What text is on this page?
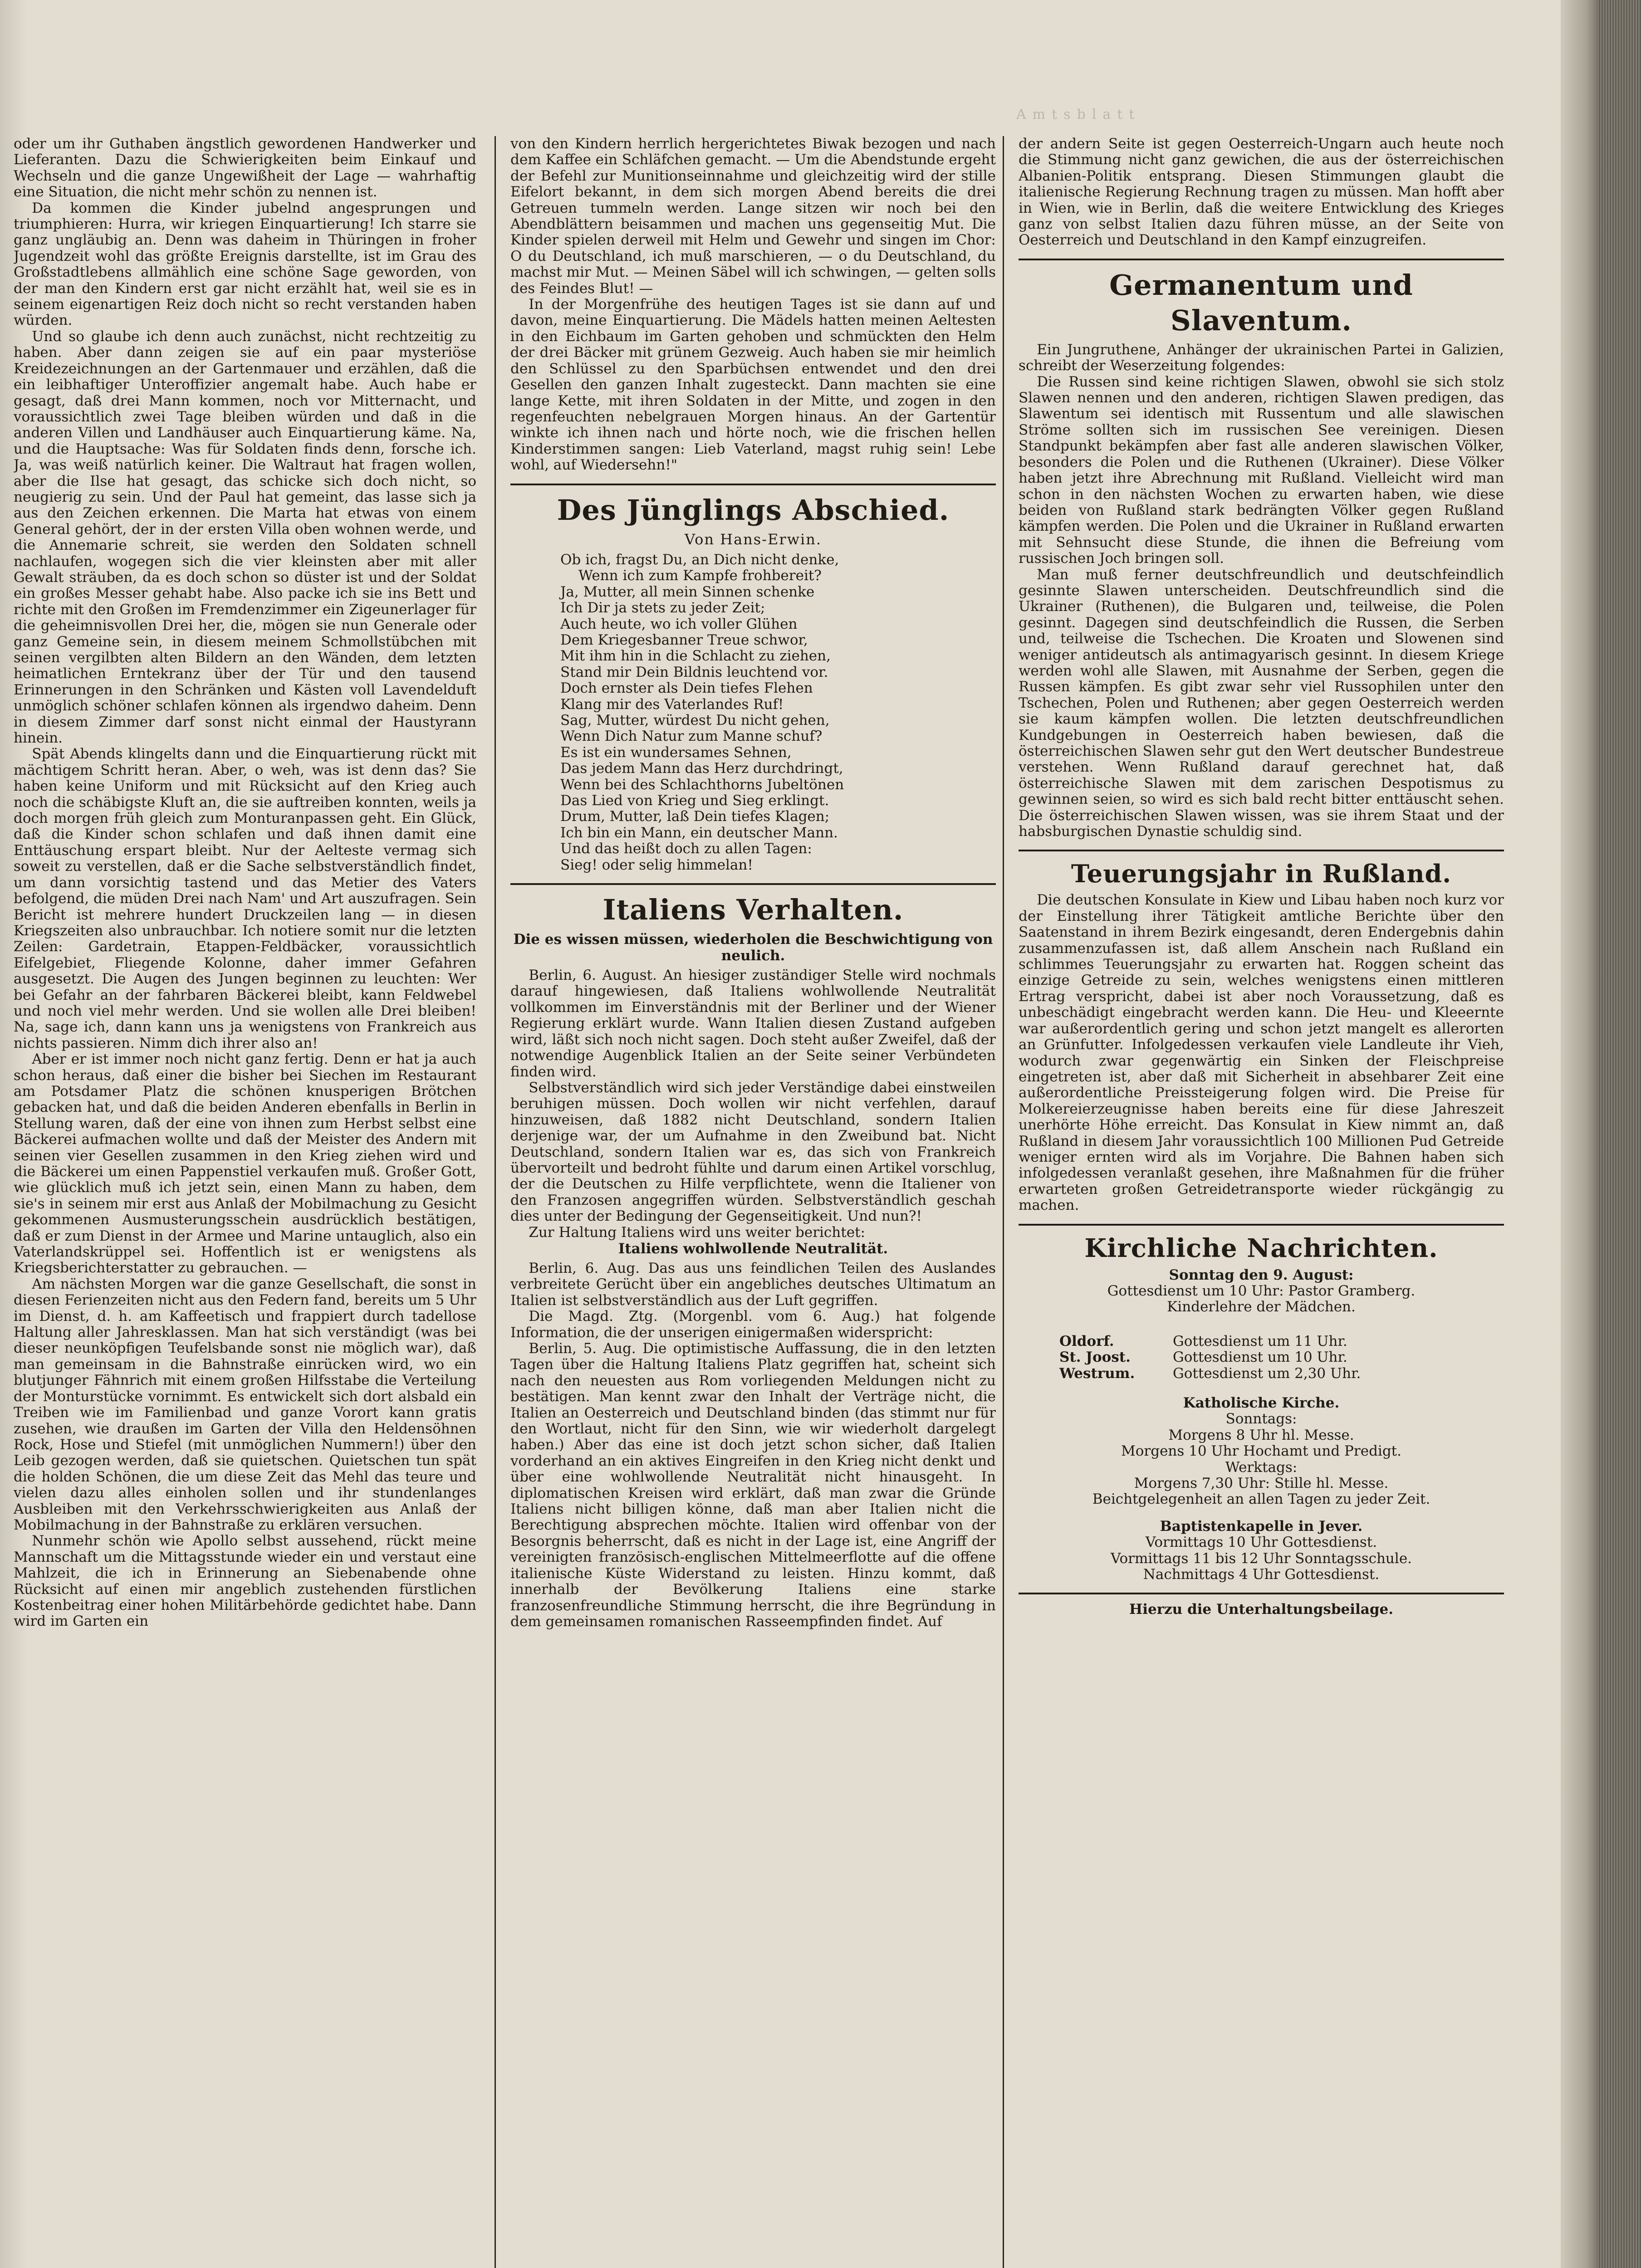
Amtsblatt

oder um ihr Guthaben ängstlich gewordenen Handwerker und Lieferanten. Dazu die Schwierigkeiten beim Einkauf und Wechseln und die ganze Ungewißheit der Lage — wahrhaftig eine Situation, die nicht mehr schön zu nennen ist.

Da kommen die Kinder jubelnd angesprungen und triumphieren: Hurra, wir kriegen Einquartierung! Ich starre sie ganz ungläubig an. Denn was daheim in Thüringen in froher Jugendzeit wohl das größte Ereignis darstellte, ist im Grau des Großstadtlebens allmählich eine schöne Sage geworden, von der man den Kindern erst gar nicht erzählt hat, weil sie es in seinem eigenartigen Reiz doch nicht so recht verstanden haben würden.

Und so glaube ich denn auch zunächst, nicht rechtzeitig zu haben. Aber dann zeigen sie auf ein paar mysteriöse Kreidezeichnungen an der Gartenmauer und erzählen, daß die ein leibhaftiger Unteroffizier angemalt habe. Auch habe er gesagt, daß drei Mann kommen, noch vor Mitternacht, und voraussichtlich zwei Tage bleiben würden und daß in die anderen Villen und Landhäuser auch Einquartierung käme. Na, und die Hauptsache: Was für Soldaten finds denn, forsche ich. Ja, was weiß natürlich keiner. Die Waltraut hat fragen wollen, aber die Ilse hat gesagt, das schicke sich doch nicht, so neugierig zu sein. Und der Paul hat gemeint, das lasse sich ja aus den Zeichen erkennen. Die Marta hat etwas von einem General gehört, der in der ersten Villa oben wohnen werde, und die Annemarie schreit, sie werden den Soldaten schnell nachlaufen, wogegen sich die vier kleinsten aber mit aller Gewalt sträuben, da es doch schon so düster ist und der Soldat ein großes Messer gehabt habe. Also packe ich sie ins Bett und richte mit den Großen im Fremdenzimmer ein Zigeunerlager für die geheimnisvollen Drei her, die, mögen sie nun Generale oder ganz Gemeine sein, in diesem meinem Schmollstübchen mit seinen vergilbten alten Bildern an den Wänden, dem letzten heimatlichen Erntekranz über der Tür und den tausend Erinnerungen in den Schränken und Kästen voll Lavendelduft unmöglich schöner schlafen können als irgendwo daheim. Denn in diesem Zimmer darf sonst nicht einmal der Haustyrann hinein.

Spät Abends klingelts dann und die Einquartierung rückt mit mächtigem Schritt heran. Aber, o weh, was ist denn das? Sie haben keine Uniform und mit Rücksicht auf den Krieg auch noch die schäbigste Kluft an, die sie auftreiben konnten, weils ja doch morgen früh gleich zum Monturanpassen geht. Ein Glück, daß die Kinder schon schlafen und daß ihnen damit eine Enttäuschung erspart bleibt. Nur der Aelteste vermag sich soweit zu verstellen, daß er die Sache selbstverständlich findet, um dann vorsichtig tastend und das Metier des Vaters befolgend, die müden Drei nach Nam' und Art auszufragen. Sein Bericht ist mehrere hundert Druckzeilen lang — in diesen Kriegszeiten also unbrauchbar. Ich notiere somit nur die letzten Zeilen: Gardetrain, Etappen-Feldbäcker, voraussichtlich Eifelgebiet, Fliegende Kolonne, daher immer Gefahren ausgesetzt. Die Augen des Jungen beginnen zu leuchten: Wer bei Gefahr an der fahrbaren Bäckerei bleibt, kann Feldwebel und noch viel mehr werden. Und sie wollen alle Drei bleiben! Na, sage ich, dann kann uns ja wenigstens von Frankreich aus nichts passieren. Nimm dich ihrer also an!

Aber er ist immer noch nicht ganz fertig. Denn er hat ja auch schon heraus, daß einer die bisher bei Siechen im Restaurant am Potsdamer Platz die schönen knusperigen Brötchen gebacken hat, und daß die beiden Anderen ebenfalls in Berlin in Stellung waren, daß der eine von ihnen zum Herbst selbst eine Bäckerei aufmachen wollte und daß der Meister des Andern mit seinen vier Gesellen zusammen in den Krieg ziehen wird und die Bäckerei um einen Pappenstiel verkaufen muß. Großer Gott, wie glücklich muß ich jetzt sein, einen Mann zu haben, dem sie's in seinem mir erst aus Anlaß der Mobilmachung zu Gesicht gekommenen Ausmusterungsschein ausdrücklich bestätigen, daß er zum Dienst in der Armee und Marine untauglich, also ein Vaterlandskrüppel sei. Hoffentlich ist er wenigstens als Kriegsberichterstatter zu gebrauchen. —

Am nächsten Morgen war die ganze Gesellschaft, die sonst in diesen Ferienzeiten nicht aus den Federn fand, bereits um 5 Uhr im Dienst, d. h. am Kaffeetisch und frappiert durch tadellose Haltung aller Jahresklassen. Man hat sich verständigt (was bei dieser neunköpfigen Teufelsbande sonst nie möglich war), daß man gemeinsam in die Bahnstraße einrücken wird, wo ein blutjunger Fähnrich mit einem großen Hilfsstabe die Verteilung der Monturstücke vornimmt. Es entwickelt sich dort alsbald ein Treiben wie im Familienbad und ganze Vorort kann gratis zusehen, wie draußen im Garten der Villa den Heldensöhnen Rock, Hose und Stiefel (mit unmöglichen Nummern!) über den Leib gezogen werden, daß sie quietschen. Quietschen tun spät die holden Schönen, die um diese Zeit das Mehl das teure und vielen dazu alles einholen sollen und ihr stundenlanges Ausbleiben mit den Verkehrsschwierigkeiten aus Anlaß der Mobilmachung in der Bahnstraße zu erklären versuchen.

Nunmehr schön wie Apollo selbst aussehend, rückt meine Mannschaft um die Mittagsstunde wieder ein und verstaut eine Mahlzeit, die ich in Erinnerung an Siebenabende ohne Rücksicht auf einen mir angeblich zustehenden fürstlichen Kostenbeitrag einer hohen Militärbehörde gedichtet habe. Dann wird im Garten ein

von den Kindern herrlich hergerichtetes Biwak bezogen und nach dem Kaffee ein Schläfchen gemacht. — Um die Abendstunde ergeht der Befehl zur Munitionseinnahme und gleichzeitig wird der stille Eifelort bekannt, in dem sich morgen Abend bereits die drei Getreuen tummeln werden. Lange sitzen wir noch bei den Abendblättern beisammen und machen uns gegenseitig Mut. Die Kinder spielen derweil mit Helm und Gewehr und singen im Chor: O du Deutschland, ich muß marschieren, — o du Deutschland, du machst mir Mut. — Meinen Säbel will ich schwingen, — gelten solls des Feindes Blut! —

In der Morgenfrühe des heutigen Tages ist sie dann auf und davon, meine Einquartierung. Die Mädels hatten meinen Aeltesten in den Eichbaum im Garten gehoben und schmückten den Helm der drei Bäcker mit grünem Gezweig. Auch haben sie mir heimlich den Schlüssel zu den Sparbüchsen entwendet und den drei Gesellen den ganzen Inhalt zugesteckt. Dann machten sie eine lange Kette, mit ihren Soldaten in der Mitte, und zogen in den regenfeuchten nebelgrauen Morgen hinaus. An der Gartentür winkte ich ihnen nach und hörte noch, wie die frischen hellen Kinderstimmen sangen: Lieb Vaterland, magst ruhig sein! Lebe wohl, auf Wiedersehn!"

Des Jünglings Abschied.
Von Hans-Erwin.
Ob ich, fragst Du, an Dich nicht denke,
Wenn ich zum Kampfe frohbereit?
Ja, Mutter, all mein Sinnen schenke
Ich Dir ja stets zu jeder Zeit;
Auch heute, wo ich voller Glühen
Dem Kriegesbanner Treue schwor,
Mit ihm hin in die Schlacht zu ziehen,
Stand mir Dein Bildnis leuchtend vor.
Doch ernster als Dein tiefes Flehen
Klang mir des Vaterlandes Ruf!
Sag, Mutter, würdest Du nicht gehen,
Wenn Dich Natur zum Manne schuf?
Es ist ein wundersames Sehnen,
Das jedem Mann das Herz durchdringt,
Wenn bei des Schlachthorns Jubeltönen
Das Lied von Krieg und Sieg erklingt.
Drum, Mutter, laß Dein tiefes Klagen;
Ich bin ein Mann, ein deutscher Mann.
Und das heißt doch zu allen Tagen:
Sieg! oder selig himmelan!
Italiens Verhalten.
Die es wissen müssen, wiederholen die Beschwichtigung von neulich.

Berlin, 6. August. An hiesiger zuständiger Stelle wird nochmals darauf hingewiesen, daß Italiens wohlwollende Neutralität vollkommen im Einverständnis mit der Berliner und der Wiener Regierung erklärt wurde. Wann Italien diesen Zustand aufgeben wird, läßt sich noch nicht sagen. Doch steht außer Zweifel, daß der notwendige Augenblick Italien an der Seite seiner Verbündeten finden wird.

Selbstverständlich wird sich jeder Verständige dabei einstweilen beruhigen müssen. Doch wollen wir nicht verfehlen, darauf hinzuweisen, daß 1882 nicht Deutschland, sondern Italien derjenige war, der um Aufnahme in den Zweibund bat. Nicht Deutschland, sondern Italien war es, das sich von Frankreich übervorteilt und bedroht fühlte und darum einen Artikel vorschlug, der die Deutschen zu Hilfe verpflichtete, wenn die Italiener von den Franzosen angegriffen würden. Selbstverständlich geschah dies unter der Bedingung der Gegenseitigkeit. Und nun?!

Zur Haltung Italiens wird uns weiter berichtet:

Italiens wohlwollende Neutralität.

Berlin, 6. Aug. Das aus uns feindlichen Teilen des Auslandes verbreitete Gerücht über ein angebliches deutsches Ultimatum an Italien ist selbstverständlich aus der Luft gegriffen.

Die Magd. Ztg. (Morgenbl. vom 6. Aug.) hat folgende Information, die der unserigen einigermaßen widerspricht:

Berlin, 5. Aug. Die optimistische Auffassung, die in den letzten Tagen über die Haltung Italiens Platz gegriffen hat, scheint sich nach den neuesten aus Rom vorliegenden Meldungen nicht zu bestätigen. Man kennt zwar den Inhalt der Verträge nicht, die Italien an Oesterreich und Deutschland binden (das stimmt nur für den Wortlaut, nicht für den Sinn, wie wir wiederholt dargelegt haben.) Aber das eine ist doch jetzt schon sicher, daß Italien vorderhand an ein aktives Eingreifen in den Krieg nicht denkt und über eine wohlwollende Neutralität nicht hinausgeht. In diplomatischen Kreisen wird erklärt, daß man zwar die Gründe Italiens nicht billigen könne, daß man aber Italien nicht die Berechtigung absprechen möchte. Italien wird offenbar von der Besorgnis beherrscht, daß es nicht in der Lage ist, eine Angriff der vereinigten französisch-englischen Mittelmeerflotte auf die offene italienische Küste Widerstand zu leisten. Hinzu kommt, daß innerhalb der Bevölkerung Italiens eine starke franzosenfreundliche Stimmung herrscht, die ihre Begründung in dem gemeinsamen romanischen Rasseempfinden findet. Auf

der andern Seite ist gegen Oesterreich-Ungarn auch heute noch die Stimmung nicht ganz gewichen, die aus der österreichischen Albanien-Politik entsprang. Diesen Stimmungen glaubt die italienische Regierung Rechnung tragen zu müssen. Man hofft aber in Wien, wie in Berlin, daß die weitere Entwicklung des Krieges ganz von selbst Italien dazu führen müsse, an der Seite von Oesterreich und Deutschland in den Kampf einzugreifen.

Germanentum und Slaventum.

Ein Jungruthene, Anhänger der ukrainischen Partei in Galizien, schreibt der Weserzeitung folgendes:

Die Russen sind keine richtigen Slawen, obwohl sie sich stolz Slawen nennen und den anderen, richtigen Slawen predigen, das Slawentum sei identisch mit Russentum und alle slawischen Ströme sollten sich im russischen See vereinigen. Diesen Standpunkt bekämpfen aber fast alle anderen slawischen Völker, besonders die Polen und die Ruthenen (Ukrainer). Diese Völker haben jetzt ihre Abrechnung mit Rußland. Vielleicht wird man schon in den nächsten Wochen zu erwarten haben, wie diese beiden von Rußland stark bedrängten Völker gegen Rußland kämpfen werden. Die Polen und die Ukrainer in Rußland erwarten mit Sehnsucht diese Stunde, die ihnen die Befreiung vom russischen Joch bringen soll.

Man muß ferner deutschfreundlich und deutschfeindlich gesinnte Slawen unterscheiden. Deutschfreundlich sind die Ukrainer (Ruthenen), die Bulgaren und, teilweise, die Polen gesinnt. Dagegen sind deutschfeindlich die Russen, die Serben und, teilweise die Tschechen. Die Kroaten und Slowenen sind weniger antideutsch als antimagyarisch gesinnt. In diesem Kriege werden wohl alle Slawen, mit Ausnahme der Serben, gegen die Russen kämpfen. Es gibt zwar sehr viel Russophilen unter den Tschechen, Polen und Ruthenen; aber gegen Oesterreich werden sie kaum kämpfen wollen. Die letzten deutschfreundlichen Kundgebungen in Oesterreich haben bewiesen, daß die österreichischen Slawen sehr gut den Wert deutscher Bundestreue verstehen. Wenn Rußland darauf gerechnet hat, daß österreichische Slawen mit dem zarischen Despotismus zu gewinnen seien, so wird es sich bald recht bitter enttäuscht sehen. Die österreichischen Slawen wissen, was sie ihrem Staat und der habsburgischen Dynastie schuldig sind.

Teuerungsjahr in Rußland.

Die deutschen Konsulate in Kiew und Libau haben noch kurz vor der Einstellung ihrer Tätigkeit amtliche Berichte über den Saatenstand in ihrem Bezirk eingesandt, deren Endergebnis dahin zusammenzufassen ist, daß allem Anschein nach Rußland ein schlimmes Teuerungsjahr zu erwarten hat. Roggen scheint das einzige Getreide zu sein, welches wenigstens einen mittleren Ertrag verspricht, dabei ist aber noch Voraussetzung, daß es unbeschädigt eingebracht werden kann. Die Heu- und Kleeernte war außerordentlich gering und schon jetzt mangelt es allerorten an Grünfutter. Infolgedessen verkaufen viele Landleute ihr Vieh, wodurch zwar gegenwärtig ein Sinken der Fleischpreise eingetreten ist, aber daß mit Sicherheit in absehbarer Zeit eine außerordentliche Preissteigerung folgen wird. Die Preise für Molkereierzeugnisse haben bereits eine für diese Jahreszeit unerhörte Höhe erreicht. Das Konsulat in Kiew nimmt an, daß Rußland in diesem Jahr voraussichtlich 100 Millionen Pud Getreide weniger ernten wird als im Vorjahre. Die Bahnen haben sich infolgedessen veranlaßt gesehen, ihre Maßnahmen für die früher erwarteten großen Getreidetransporte wieder rückgängig zu machen.

Kirchliche Nachrichten.
Sonntag den 9. August:
Gottesdienst um 10 Uhr: Pastor Gramberg.
Kinderlehre der Mädchen.
Oldorf.	Gottesdienst um 11 Uhr.
St. Joost.	Gottesdienst um 10 Uhr.
Westrum.	Gottesdienst um 2,30 Uhr.
Katholische Kirche.
Sonntags:
Morgens 8 Uhr hl. Messe.
Morgens 10 Uhr Hochamt und Predigt.
Werktags:
Morgens 7,30 Uhr: Stille hl. Messe.
Beichtgelegenheit an allen Tagen zu jeder Zeit.
Baptistenkapelle in Jever.
Vormittags 10 Uhr Gottesdienst.
Vormittags 11 bis 12 Uhr Sonntagsschule.
Nachmittags 4 Uhr Gottesdienst.
Hierzu die Unterhaltungsbeilage.
